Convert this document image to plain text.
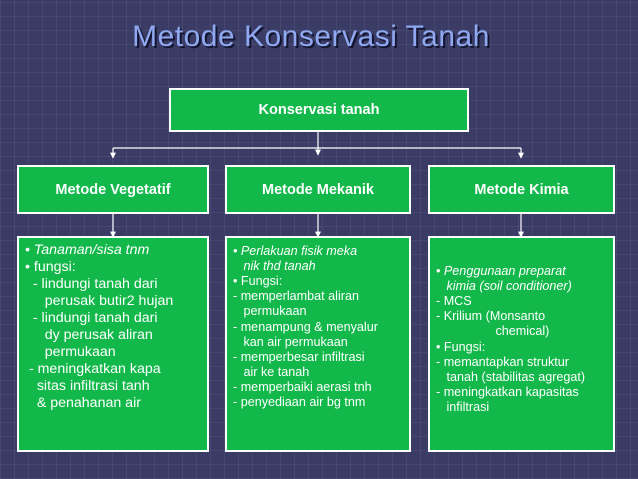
Metode Konservasi Tanah
Konservasi tanah
Metode Vegetatif	Metode Mekanik	Metode Kimia
• Tanaman/sisa tnm
• fungsi:
- lindungi tanah dari
perusak butir2 hujan
- lindungi tanah dari
dy perusak aliran
permukaan
- meningkatkan kapa
sitas infiltrasi tanh
& penahanan air
• Perlakuan fisik meka
nik thd tanah
• Fungsi:
- memperlambat aliran
permukaan
- menampung & menyalur
kan air permukaan
- memperbesar infiltrasi
air ke tanah
- memperbaiki aerasi tnh
- penyediaan air bg tnm
• Penggunaan preparat
kimia (soil conditioner)
- MCS
- Krilium (Monsanto
chemical)
• Fungsi:
- memantapkan struktur
tanah (stabilitas agregat)
- meningkatkan kapasitas
infiltrasi
